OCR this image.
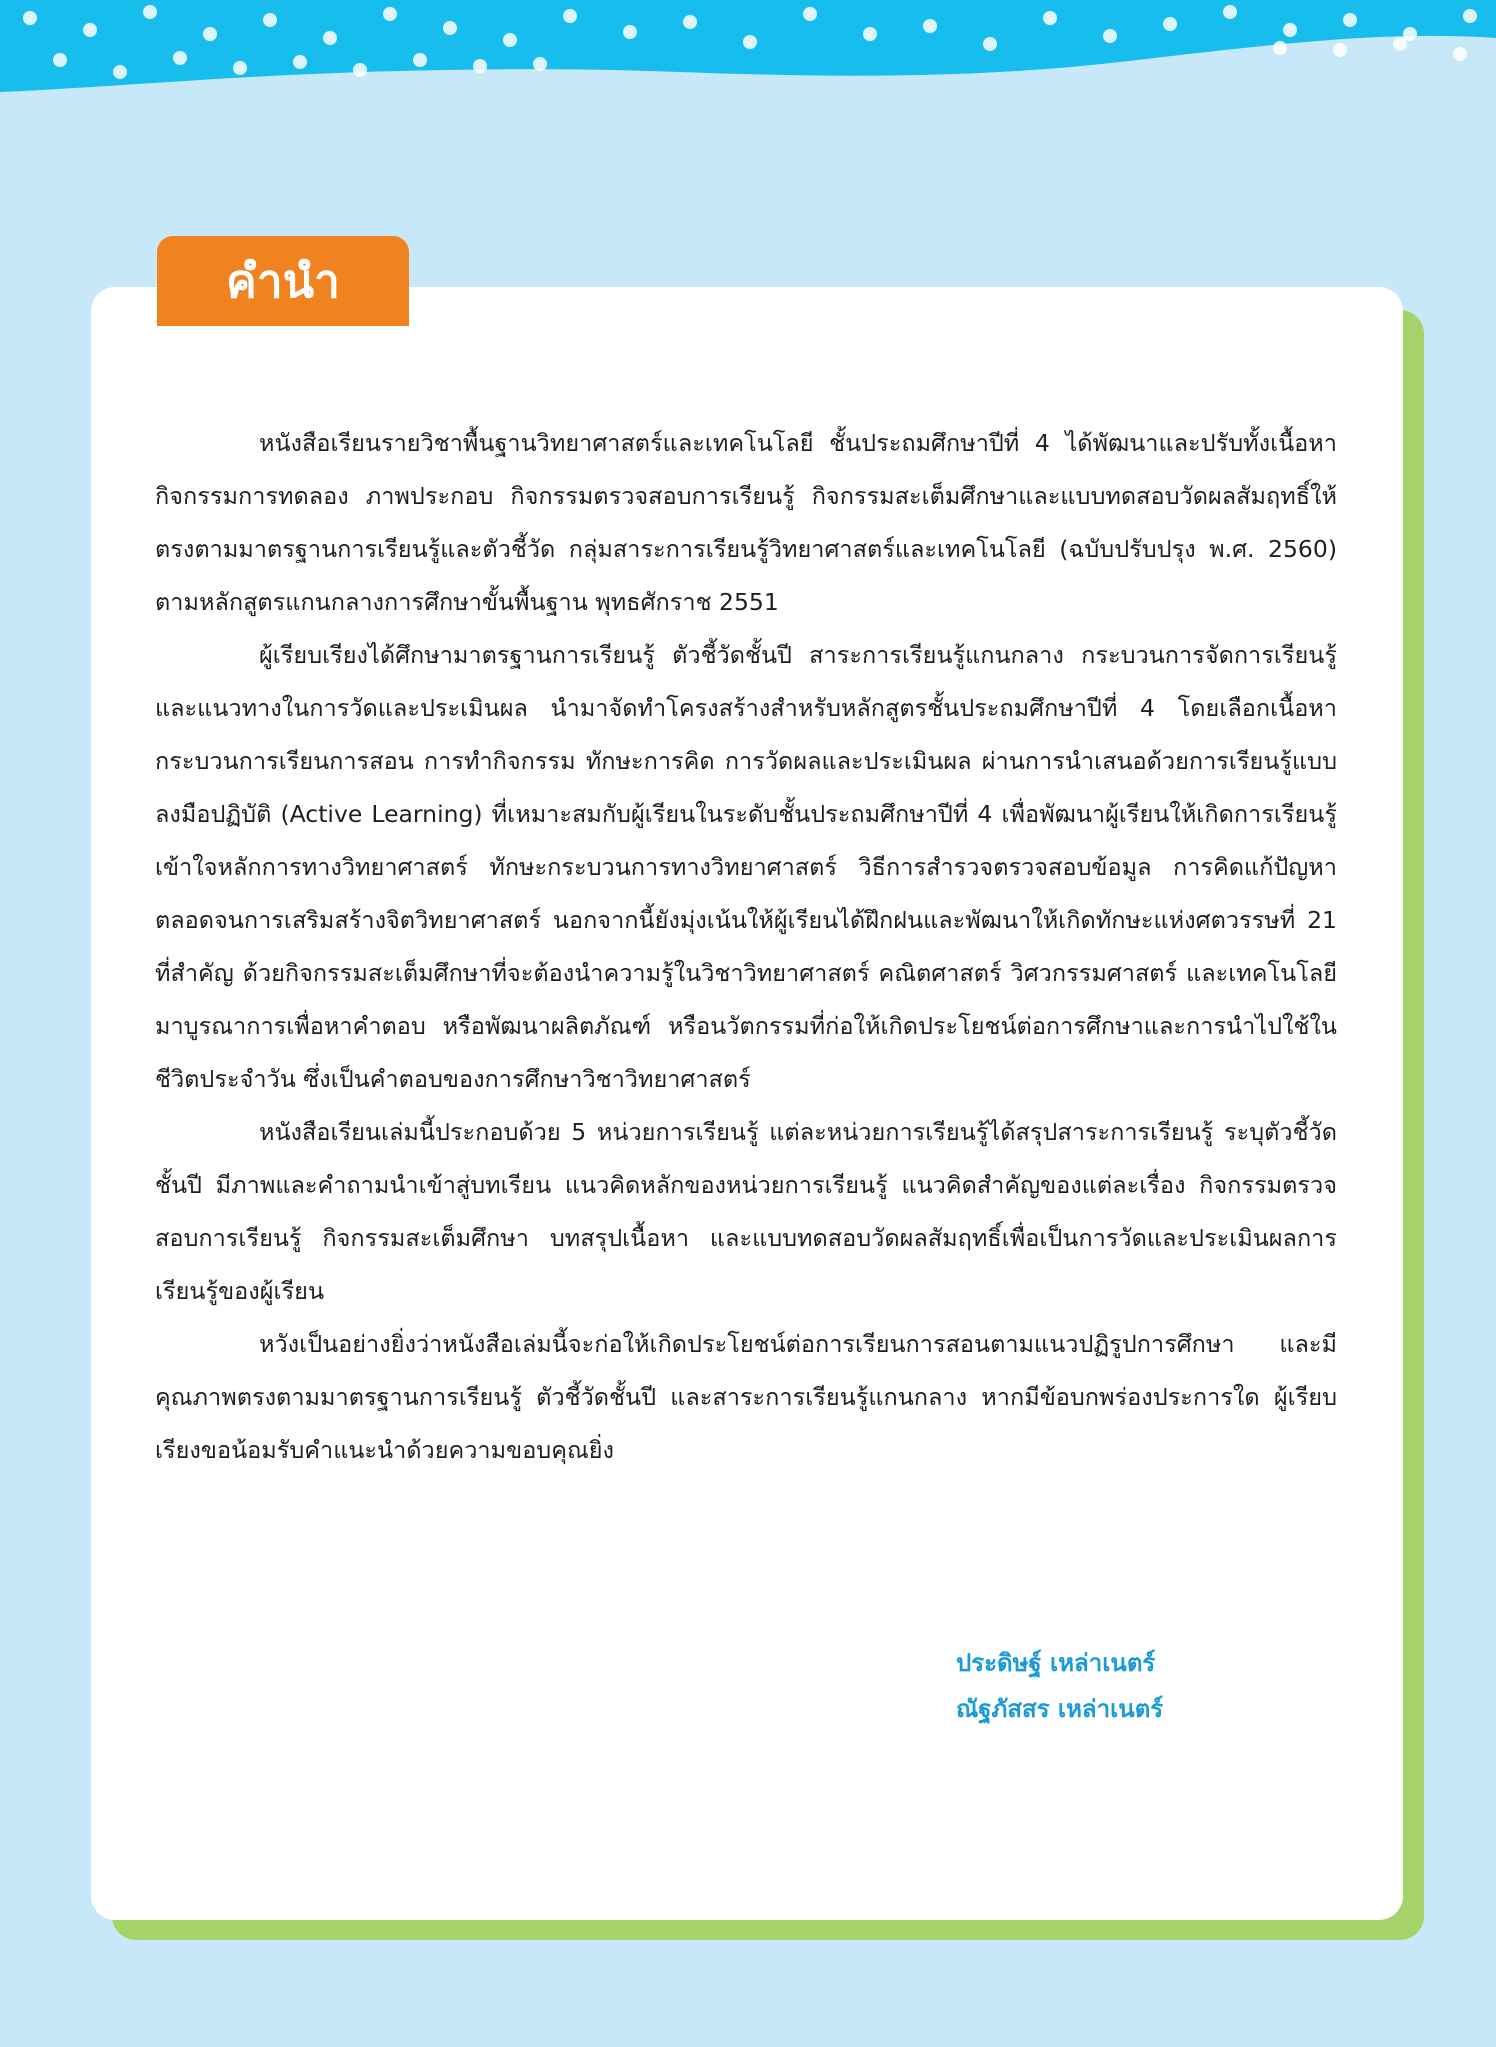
คำนำ

หนังสือเรียนรายวิชาพื้นฐานวิทยาศาสตร์และเทคโนโลยี ชั้นประถมศึกษาปีที่ 4 ได้พัฒนาและปรับทั้งเนื้อหา กิจกรรมการทดลอง ภาพประกอบ กิจกรรมตรวจสอบการเรียนรู้ กิจกรรมสะเต็มศึกษาและแบบทดสอบวัดผลสัมฤทธิ์ให้ตรงตามมาตรฐานการเรียนรู้และตัวชี้วัด กลุ่มสาระการเรียนรู้วิทยาศาสตร์และเทคโนโลยี (ฉบับปรับปรุง พ.ศ. 2560) ตามหลักสูตรแกนกลางการศึกษาขั้นพื้นฐาน พุทธศักราช 2551

ผู้เรียบเรียงได้ศึกษามาตรฐานการเรียนรู้ ตัวชี้วัดชั้นปี สาระการเรียนรู้แกนกลาง กระบวนการจัดการเรียนรู้ และแนวทางในการวัดและประเมินผล นำมาจัดทำโครงสร้างสำหรับหลักสูตรชั้นประถมศึกษาปีที่ 4 โดยเลือกเนื้อหา กระบวนการเรียนการสอน การทำกิจกรรม ทักษะการคิด การวัดผลและประเมินผล ผ่านการนำเสนอด้วยการเรียนรู้แบบลงมือปฏิบัติ (Active Learning) ที่เหมาะสมกับผู้เรียนในระดับชั้นประถมศึกษาปีที่ 4 เพื่อพัฒนาผู้เรียนให้เกิดการเรียนรู้ เข้าใจหลักการทางวิทยาศาสตร์ ทักษะกระบวนการทางวิทยาศาสตร์ วิธีการสำรวจตรวจสอบข้อมูล การคิดแก้ปัญหาตลอดจนการเสริมสร้างจิตวิทยาศาสตร์ นอกจากนี้ยังมุ่งเน้นให้ผู้เรียนได้ฝึกฝนและพัฒนาให้เกิดทักษะแห่งศตวรรษที่ 21 ที่สำคัญ ด้วยกิจกรรมสะเต็มศึกษาที่จะต้องนำความรู้ในวิชาวิทยาศาสตร์ คณิตศาสตร์ วิศวกรรมศาสตร์ และเทคโนโลยี มาบูรณาการเพื่อหาคำตอบ หรือพัฒนาผลิตภัณฑ์ หรือนวัตกรรมที่ก่อให้เกิดประโยชน์ต่อการศึกษาและการนำไปใช้ในชีวิตประจำวัน ซึ่งเป็นคำตอบของการศึกษาวิชาวิทยาศาสตร์

หนังสือเรียนเล่มนี้ประกอบด้วย 5 หน่วยการเรียนรู้ แต่ละหน่วยการเรียนรู้ได้สรุปสาระการเรียนรู้ ระบุตัวชี้วัดชั้นปี มีภาพและคำถามนำเข้าสู่บทเรียน แนวคิดหลักของหน่วยการเรียนรู้ แนวคิดสำคัญของแต่ละเรื่อง กิจกรรมตรวจสอบการเรียนรู้ กิจกรรมสะเต็มศึกษา บทสรุปเนื้อหา และแบบทดสอบวัดผลสัมฤทธิ์เพื่อเป็นการวัดและประเมินผลการเรียนรู้ของผู้เรียน

หวังเป็นอย่างยิ่งว่าหนังสือเล่มนี้จะก่อให้เกิดประโยชน์ต่อการเรียนการสอนตามแนวปฏิรูปการศึกษา และมีคุณภาพตรงตามมาตรฐานการเรียนรู้ ตัวชี้วัดชั้นปี และสาระการเรียนรู้แกนกลาง หากมีข้อบกพร่องประการใด ผู้เรียบเรียงขอน้อมรับคำแนะนำด้วยความขอบคุณยิ่ง

ประดิษฐ์ เหล่าเนตร์
ณัฐภัสสร เหล่าเนตร์
